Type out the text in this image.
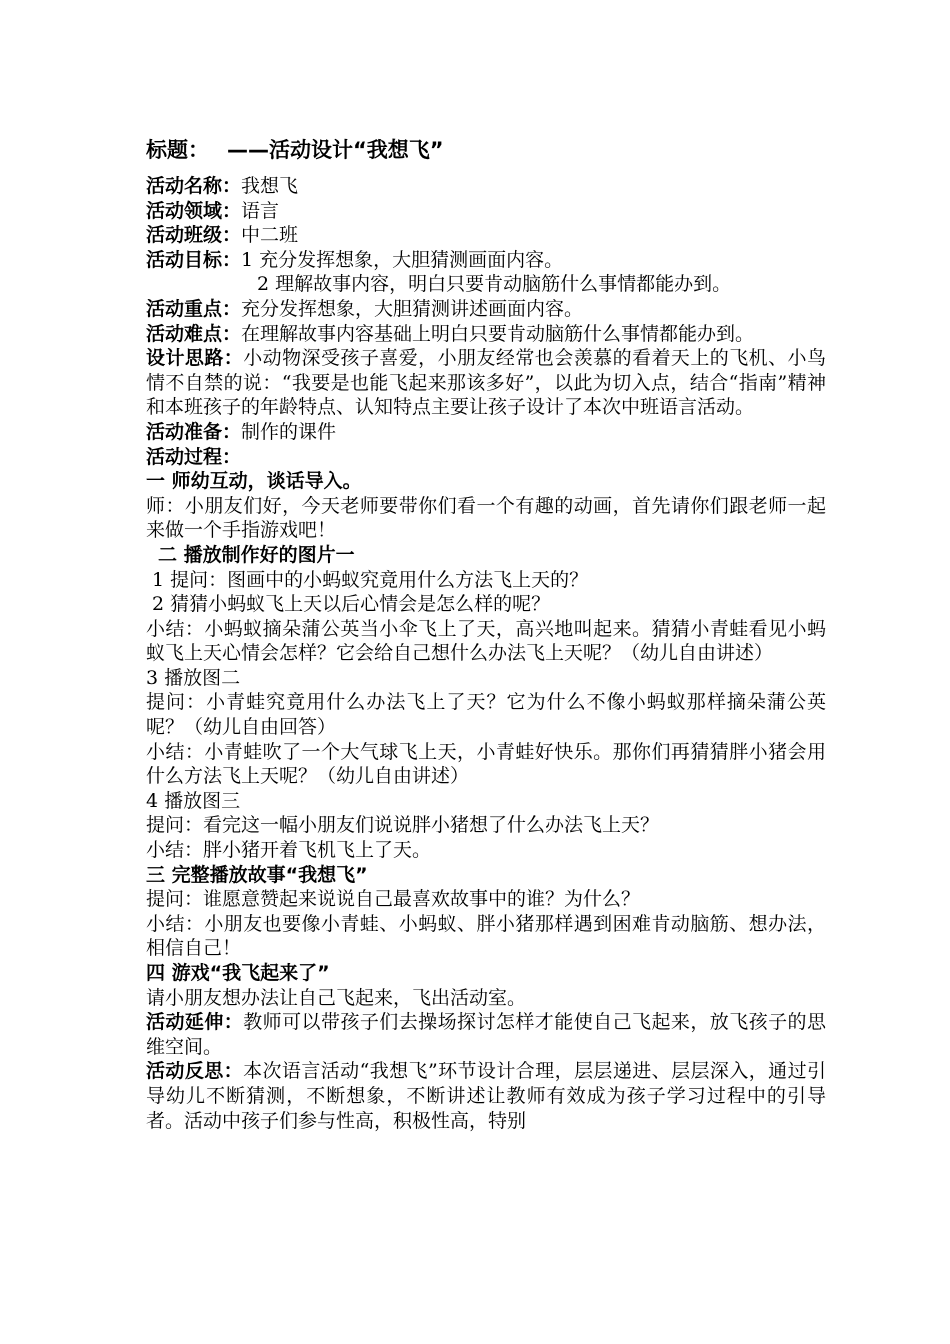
标题： ——活动设计“我想飞”
活动名称：我想飞
活动领域：语言
活动班级：中二班
活动目标：1 充分发挥想象，大胆猜测画面内容。
2 理解故事内容，明白只要肯动脑筋什么事情都能办到。
活动重点：充分发挥想象，大胆猜测讲述画面内容。
活动难点：在理解故事内容基础上明白只要肯动脑筋什么事情都能办到。
设计思路：小动物深受孩子喜爱，小朋友经常也会羡慕的看着天上的飞机、小鸟情不自禁的说：“我要是也能飞起来那该多好”，以此为切入点，结合“指南”精神和本班孩子的年龄特点、认知特点主要让孩子设计了本次中班语言活动。
活动准备：制作的课件
活动过程：
一 师幼互动，谈话导入。
师：小朋友们好，今天老师要带你们看一个有趣的动画，首先请你们跟老师一起来做一个手指游戏吧！
二 播放制作好的图片一
1 提问：图画中的小蚂蚁究竟用什么方法飞上天的？
2 猜猜小蚂蚁飞上天以后心情会是怎么样的呢？
小结：小蚂蚁摘朵蒲公英当小伞飞上了天，高兴地叫起来。猜猜小青蛙看见小蚂蚁飞上天心情会怎样？它会给自己想什么办法飞上天呢？（幼儿自由讲述）
3 播放图二
提问：小青蛙究竟用什么办法飞上了天？它为什么不像小蚂蚁那样摘朵蒲公英呢？（幼儿自由回答）
小结：小青蛙吹了一个大气球飞上天，小青蛙好快乐。那你们再猜猜胖小猪会用什么方法飞上天呢？（幼儿自由讲述）
4 播放图三
提问：看完这一幅小朋友们说说胖小猪想了什么办法飞上天？
小结：胖小猪开着飞机飞上了天。
三 完整播放故事“我想飞”
提问：谁愿意赞起来说说自己最喜欢故事中的谁？为什么？
小结：小朋友也要像小青蛙、小蚂蚁、胖小猪那样遇到困难肯动脑筋、想办法，相信自己！
四 游戏“我飞起来了”
请小朋友想办法让自己飞起来，飞出活动室。
活动延伸：教师可以带孩子们去操场探讨怎样才能使自己飞起来，放飞孩子的思维空间。
活动反思：本次语言活动“我想飞”环节设计合理，层层递进、层层深入，通过引导幼儿不断猜测，不断想象，不断讲述让教师有效成为孩子学习过程中的引导者。活动中孩子们参与性高，积极性高，特别
